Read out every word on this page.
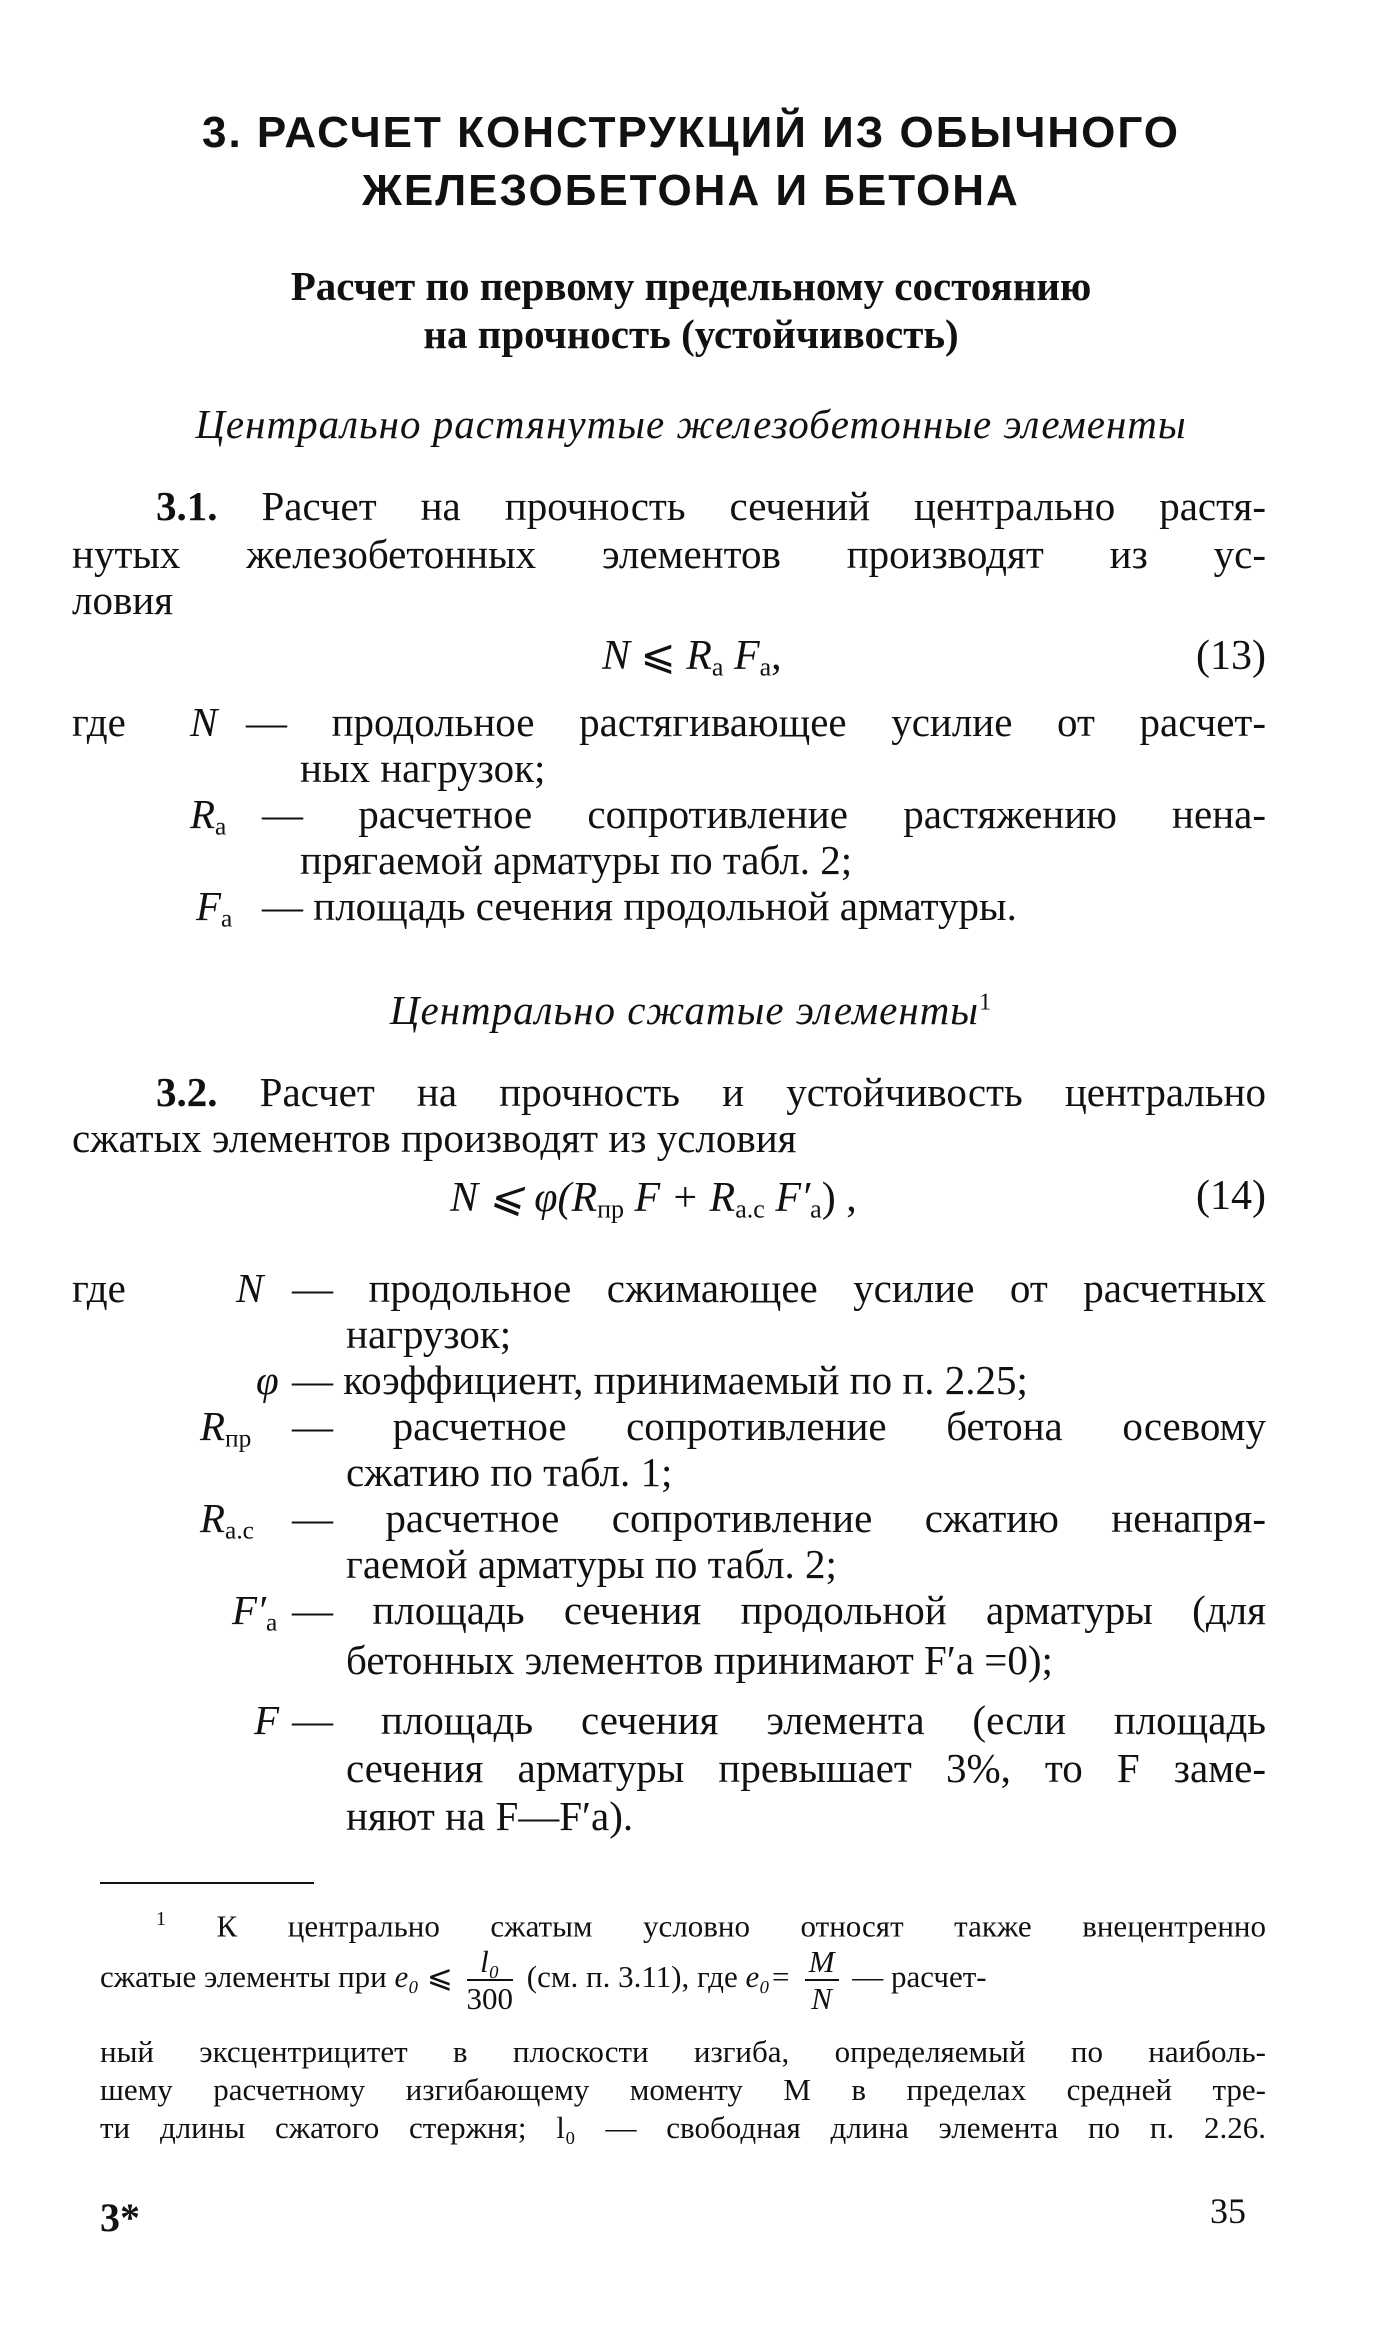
3. РАСЧЕТ КОНСТРУКЦИЙ ИЗ ОБЫЧНОГО
ЖЕЛЕЗОБЕТОНА И БЕТОНА
Расчет по первому предельному состоянию
на прочность (устойчивость)
Центрально растянутые железобетонные элементы
3.1. Расчет на прочность сечений центрально растя-
нутых железобетонных элементов производят из ус-
ловия
N ⩽ $R_а$ $F_а$,	(13)
где N — продольное растягивающее усилие от расчет-
ных нагрузок;
$R_а$ — расчетное сопротивление растяжению нена-
прягаемой арматуры по табл. 2;
$F_а$ — площадь сечения продольной арматуры.
Центрально сжатые элементы$^1$
3.2. Расчет на прочность и устойчивость центрально
сжатых элементов производят из условия
N ⩽ $\varphi(R_{пр}$ $F + R_{а.с}$ $F'_а$) ,	(14)
где	N — продольное сжимающее усилие от расчетных
нагрузок;
φ — коэффициент, принимаемый по п. 2.25;
$R_{пр}$ — расчетное сопротивление бетона осевому
сжатию по табл. 1;
$R_{а.с}$ — расчетное сопротивление сжатию ненапря-
гаемой арматуры по табл. 2;
$F'_а$ — площадь сечения продольной арматуры (для
бетонных элементов принимают F′а =0);
F — площадь сечения элемента (если площадь
сечения арматуры превышает 3%, то F заме-
няют на F—F′а).
$^1$ К центрально сжатым условно относят также внецентренно
сжатые элементы при e₀ ⩽ $\frac{\text{l₀}}{300} (см$. п. 3.11), где $e_0= \frac{M}{N}$ — расчет-
ный эксцентрицитет в плоскости изгиба, определяемый по наиболь-
шему расчетному изгибающему моменту M в пределах средней тре-
ти длины сжатого стержня; l₀ — свободная длина элемента по п. 2.26.
3*	35
